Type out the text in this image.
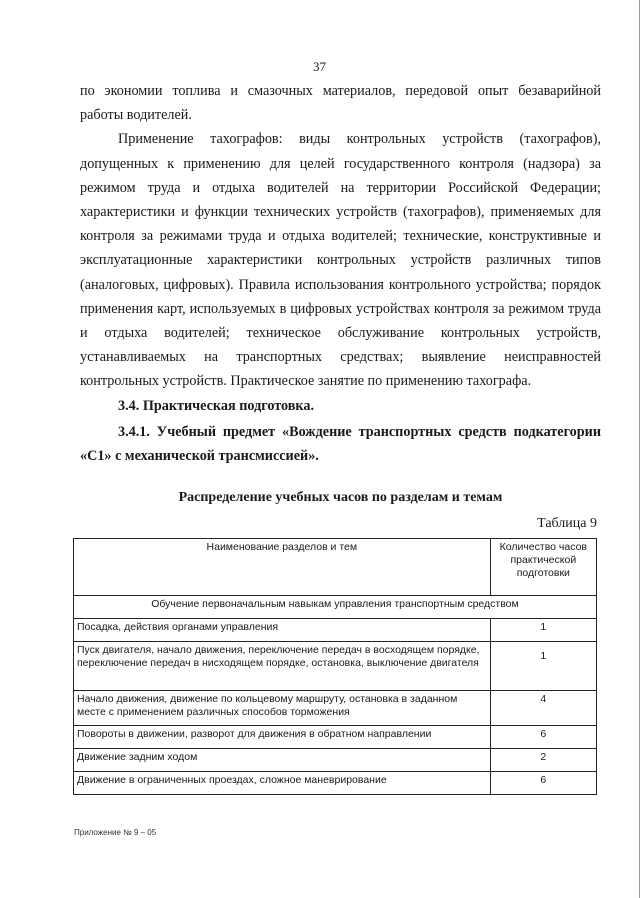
37

по экономии топлива и смазочных материалов, передовой опыт безаварийной

работы водителей.

Применение тахографов: виды контрольных устройств (тахографов), допущенных к применению для целей государственного контроля (надзора) за режимом труда и отдыха водителей на территории Российской Федерации; характеристики и функции технических устройств (тахографов), применяемых для контроля за режимами труда и отдыха водителей; технические, конструктивные и эксплуатационные характеристики контрольных устройств различных типов (аналоговых, цифровых). Правила использования контрольного устройства; порядок применения карт, используемых в цифровых устройствах контроля за режимом труда и отдыха водителей; техническое обслуживание контрольных устройств, устанавливаемых на транспортных средствах; выявление неисправностей контрольных устройств. Практическое занятие по применению тахографа.

3.4. Практическая подготовка.

3.4.1. Учебный предмет «Вождение транспортных средств подкатегории «C1» с механической трансмиссией».

Распределение учебных часов по разделам и темам
Таблица 9
Наименование разделов и тем	Количество часов практической подготовки
Обучение первоначальным навыкам управления транспортным средством	
Посадка, действия органами управления	1
Пуск двигателя, начало движения, переключение передач в восходящем порядке, переключение передач в нисходящем порядке, остановка, выключение двигателя	1
Начало движения, движение по кольцевому маршруту, остановка в заданном месте с применением различных способов торможения	4
Повороты в движении, разворот для движения в обратном направлении	6
Движение задним ходом	2
Движение в ограниченных проездах, сложное маневрирование	6
Приложение № 9 – 05
